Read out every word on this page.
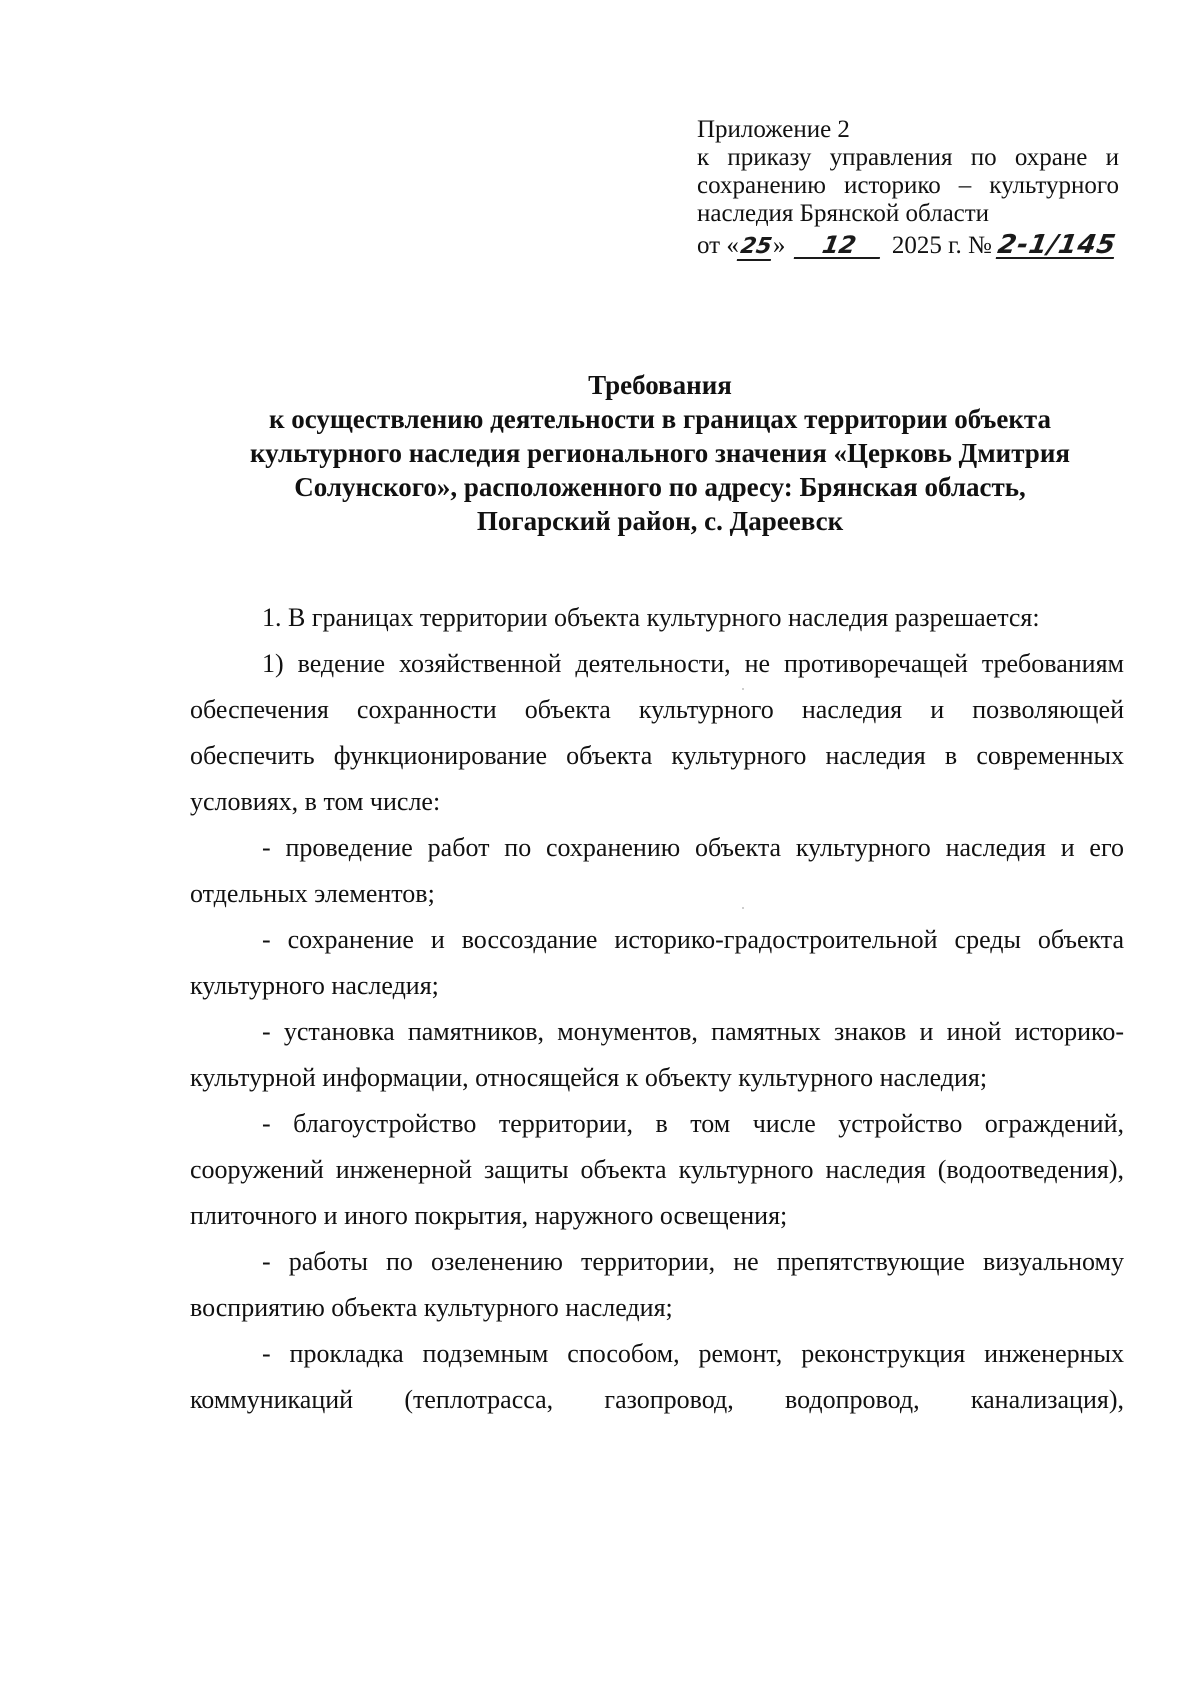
Приложение 2
к приказу управления по охране и
сохранению историко – культурного
наследия Брянской области
от «25» 12 2025 г. № 2-1/145
Требования
к осуществлению деятельности в границах территории объекта
культурного наследия регионального значения «Церковь Дмитрия
Солунского», расположенного по адресу: Брянская область,
Погарский район, с. Дареевск

1. В границах территории объекта культурного наследия разрешается:

1) ведение хозяйственной деятельности, не противоречащей требованиям обеспечения сохранности объекта культурного наследия и позволяющей обеспечить функционирование объекта культурного наследия в современных условиях, в том числе:

- проведение работ по сохранению объекта культурного наследия и его отдельных элементов;

- сохранение и воссоздание историко-градостроительной среды объекта культурного наследия;

- установка памятников, монументов, памятных знаков и иной историко-культурной информации, относящейся к объекту культурного наследия;

- благоустройство территории, в том числе устройство ограждений, сооружений инженерной защиты объекта культурного наследия (водоотведения), плиточного и иного покрытия, наружного освещения;

- работы по озеленению территории, не препятствующие визуальному восприятию объекта культурного наследия;

- прокладка подземным способом, ремонт, реконструкция инженерных коммуникаций (теплотрасса, газопровод, водопровод, канализация),
